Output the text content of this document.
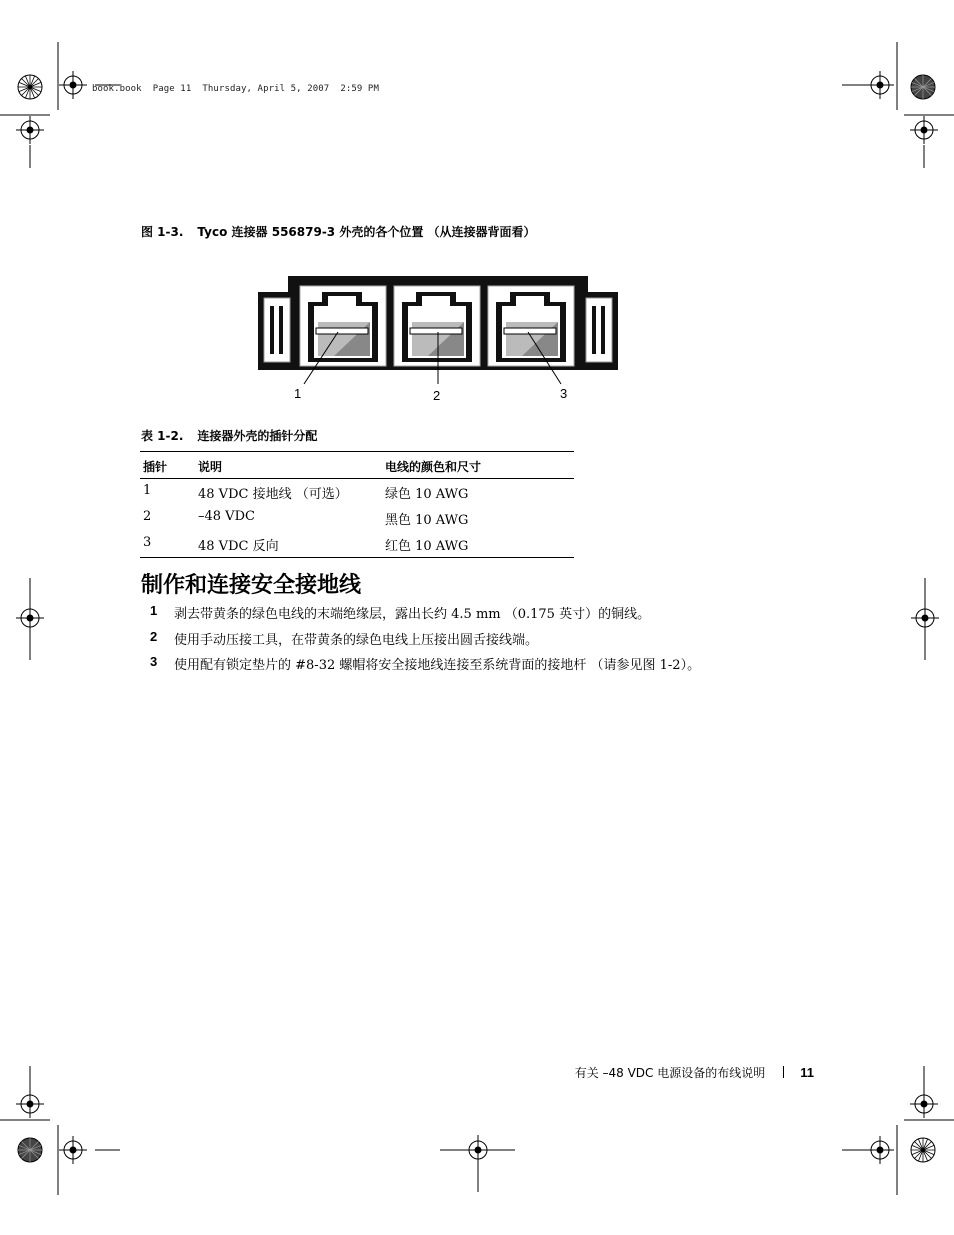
book.book  Page 11  Thursday, April 5, 2007  2:59 PM
图 1-3. Tyco 连接器 556879-3 外壳的各个位置 （从连接器背面看）
1	2	3
表 1-2. 连接器外壳的插针分配
插针	说明	电线的颜色和尺寸
1	48 VDC 接地线 （可选）	绿色 10 AWG
2	–48 VDC	黑色 10 AWG
3	48 VDC 反向	红色 10 AWG
制作和连接安全接地线
1 剥去带黄条的绿色电线的末端绝缘层，露出长约 4.5 mm （0.175 英寸）的铜线。
2 使用手动压接工具，在带黄条的绿色电线上压接出圆舌接线端。
3 使用配有锁定垫片的 #8-32 螺帽将安全接地线连接至系统背面的接地杆 （请参见图 1-2）。
有关 –48 VDC 电源设备的布线说明	11
